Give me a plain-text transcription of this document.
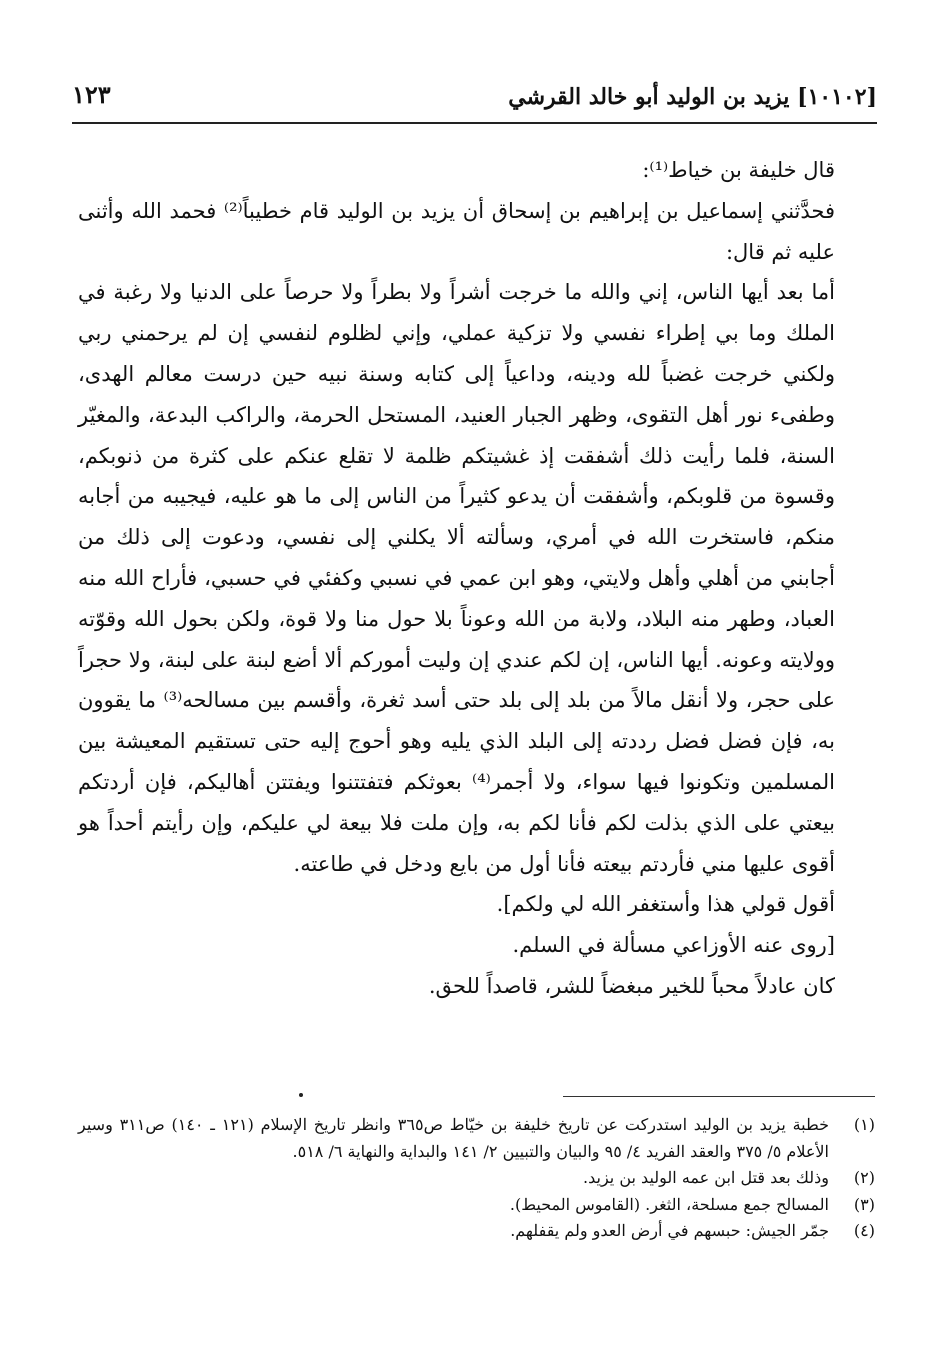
[١٠١٠٢] يزيد بن الوليد أبو خالد القرشي
١٢٣

قال خليفة بن خياط⁽¹⁾:

فحدَّثني إسماعيل بن إبراهيم بن إسحاق أن يزيد بن الوليد قام خطيباً⁽²⁾ فحمد الله وأثنى عليه ثم قال:

أما بعد أيها الناس، إني والله ما خرجت أشراً ولا بطراً ولا حرصاً على الدنيا ولا رغبة في الملك وما بي إطراء نفسي ولا تزكية عملي، وإني لظلوم لنفسي إن لم يرحمني ربي ولكني خرجت غضباً لله ودينه، وداعياً إلى كتابه وسنة نبيه حين درست معالم الهدى، وطفىء نور أهل التقوى، وظهر الجبار العنيد، المستحل الحرمة، والراكب البدعة، والمغيّر السنة، فلما رأيت ذلك أشفقت إذ غشيتكم ظلمة لا تقلع عنكم على كثرة من ذنوبكم، وقسوة من قلوبكم، وأشفقت أن يدعو كثيراً من الناس إلى ما هو عليه، فيجيبه من أجابه منكم، فاستخرت الله في أمري، وسألته ألا يكلني إلى نفسي، ودعوت إلى ذلك من أجابني من أهلي وأهل ولايتي، وهو ابن عمي في نسبي وكفئي في حسبي، فأراح الله منه العباد، وطهر منه البلاد، ولابة من الله وعوناً بلا حول منا ولا قوة، ولكن بحول الله وقوّته وولايته وعونه. أيها الناس، إن لكم عندي إن وليت أموركم ألا أضع لبنة على لبنة، ولا حجراً على حجر، ولا أنقل مالاً من بلد إلى بلد حتى أسد ثغرة، وأقسم بين مسالحه⁽³⁾ ما يقوون به، فإن فضل فضل رددته إلى البلد الذي يليه وهو أحوج إليه حتى تستقيم المعيشة بين المسلمين وتكونوا فيها سواء، ولا أجمر⁽⁴⁾ بعوثكم فتفتتنوا ويفتتن أهاليكم، فإن أردتكم بيعتي على الذي بذلت لكم فأنا لكم به، وإن ملت فلا بيعة لي عليكم، وإن رأيتم أحداً هو أقوى عليها مني فأردتم بيعته فأنا أول من بايع ودخل في طاعته.

أقول قولي هذا وأستغفر الله لي ولكم].

[روى عنه الأوزاعي مسألة في السلم.

كان عادلاً محباً للخير مبغضاً للشر، قاصداً للحق.

(١)
خطبة يزيد بن الوليد استدركت عن تاريخ خليفة بن خيّاط ص٣٦٥ وانظر تاريخ الإسلام (١٢١ ـ ١٤٠) ص٣١١ وسير الأعلام ٥/ ٣٧٥ والعقد الفريد ٤/ ٩٥ والبيان والتبيين ٢/ ١٤١ والبداية والنهاية ٦/ ٥١٨.
(٢)
وذلك بعد قتل ابن عمه الوليد بن يزيد.
(٣)
المسالح جمع مسلحة، الثغر. (القاموس المحيط).
(٤)
جمّر الجيش: حبسهم في أرض العدو ولم يقفلهم.
